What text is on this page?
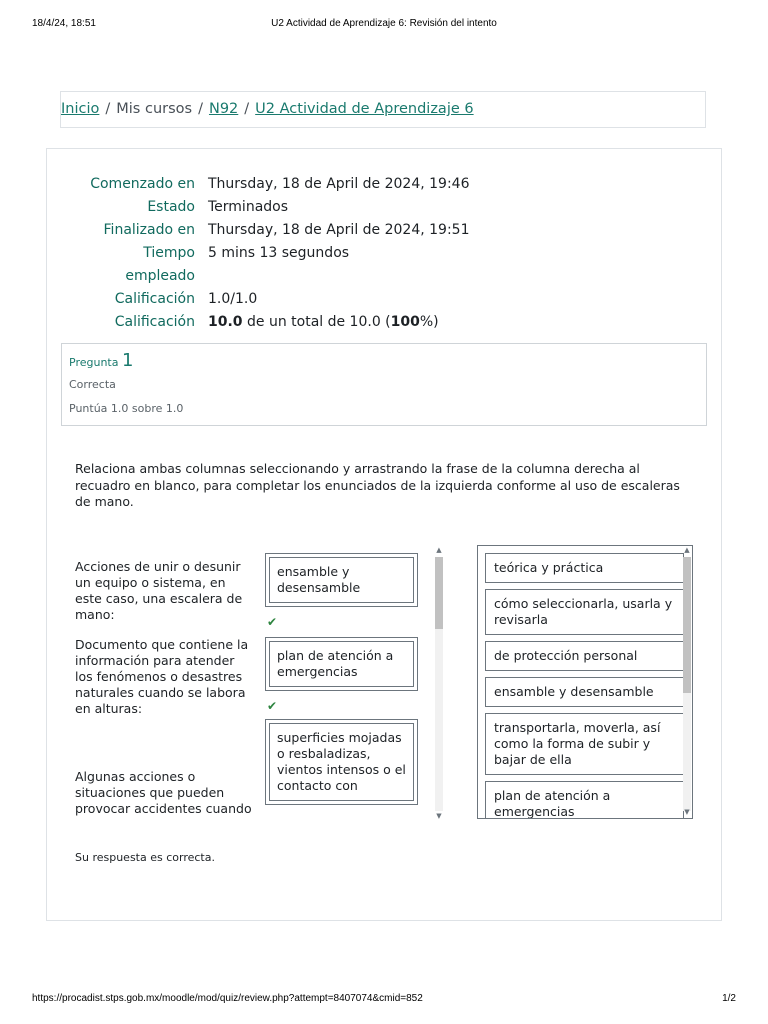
18/4/24, 18:51	U2 Actividad de Aprendizaje 6: Revisión del intento
Inicio / Mis cursos / N92 / U2 Actividad de Aprendizaje 6
Comenzado en Thursday, 18 de April de 2024, 19:46
Estado Terminados
Finalizado en Thursday, 18 de April de 2024, 19:51
Tiempo
empleado
5 mins 13 segundos
Calificación 1.0/1.0
Calificación 10.0 de un total de 10.0 (100%)
Pregunta 1
Correcta
Puntúa 1.0 sobre 1.0
Relaciona ambas columnas seleccionando y arrastrando la frase de la columna derecha al recuadro en blanco, para completar los enunciados de la izquierda conforme al uso de escaleras de mano.
Acciones de unir o desunir un equipo o sistema, en este caso, una escalera de mano:
Documento que contiene la información para atender los fenómenos o desastres naturales cuando se labora en alturas:
Algunas acciones o situaciones que pueden provocar accidentes cuando
ensamble y desensamble
✔
plan de atención a emergencias
✔
superficies mojadas o resbaladizas, vientos intensos o el contacto con
▲
▼
teórica y práctica
cómo seleccionarla, usarla y revisarla
de protección personal
ensamble y desensamble
transportarla, moverla, así como la forma de subir y bajar de ella
plan de atención a emergencias
▲
▼
Su respuesta es correcta.
https://procadist.stps.gob.mx/moodle/mod/quiz/review.php?attempt=8407074&cmid=852	1/2
